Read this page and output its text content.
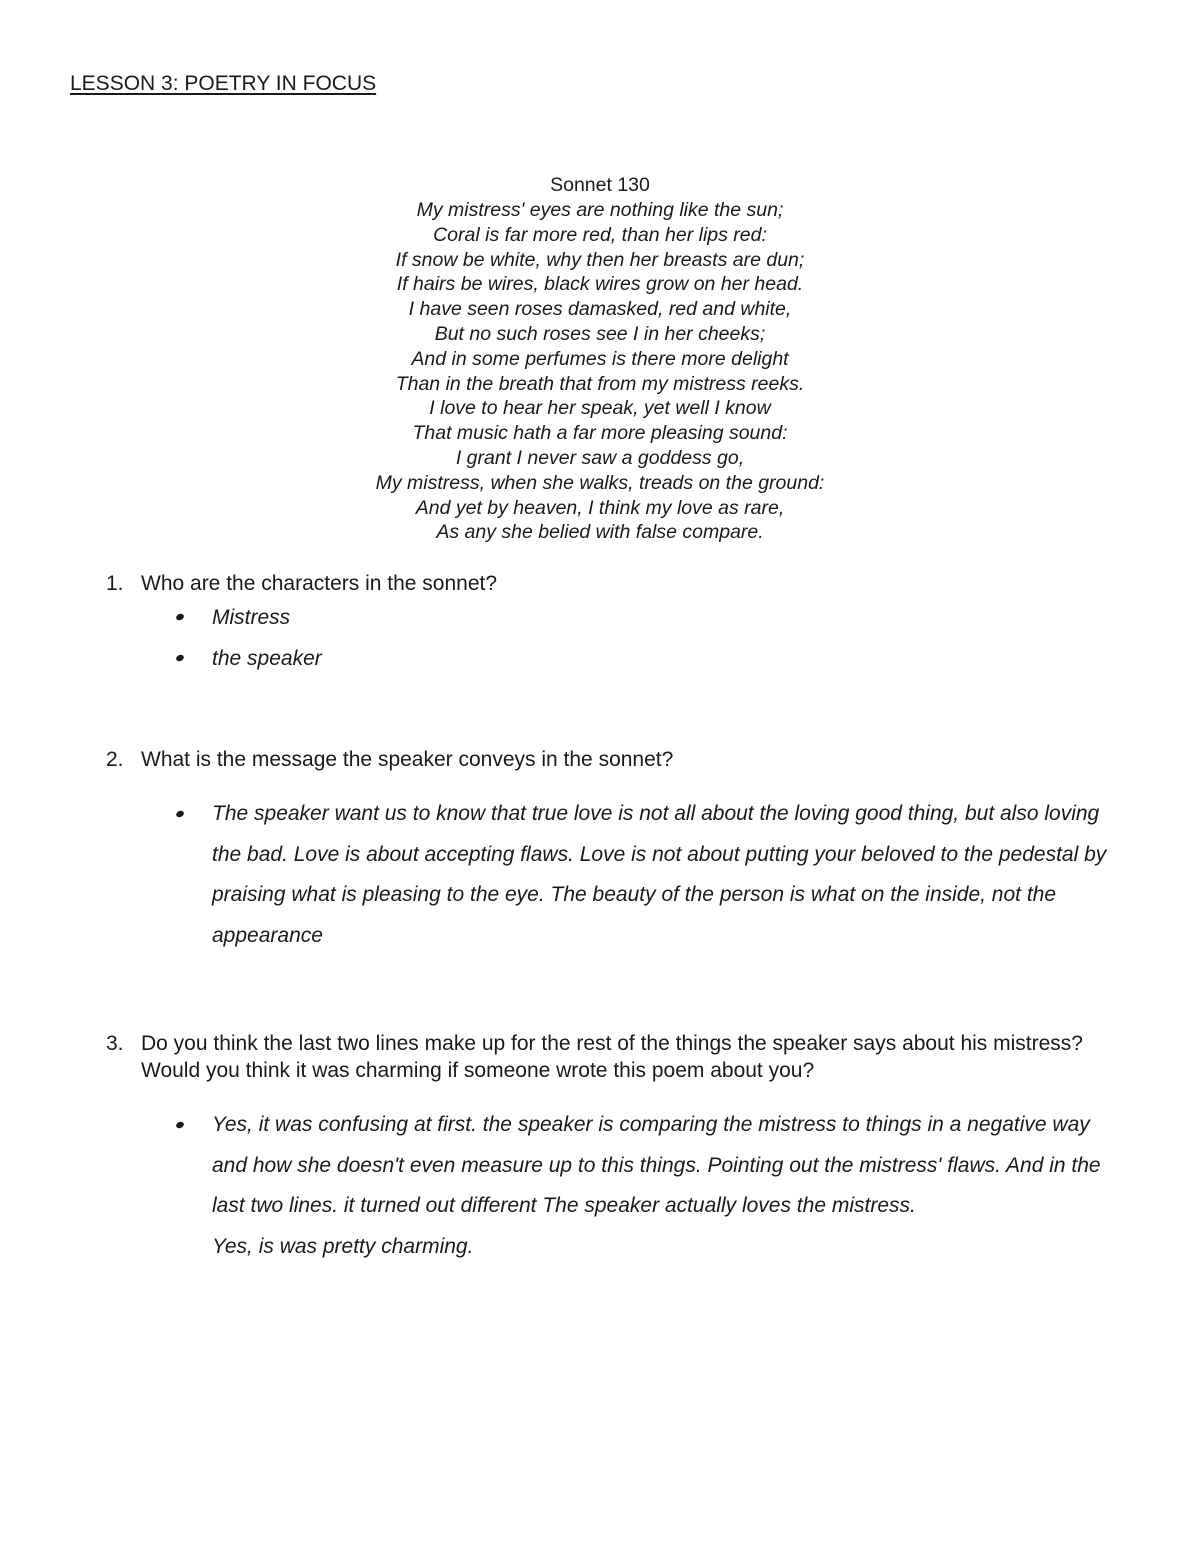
LESSON 3: POETRY IN FOCUS
Sonnet 130
My mistress' eyes are nothing like the sun;
Coral is far more red, than her lips red:
If snow be white, why then her breasts are dun;
If hairs be wires, black wires grow on her head.
I have seen roses damasked, red and white,
But no such roses see I in her cheeks;
And in some perfumes is there more delight
Than in the breath that from my mistress reeks.
I love to hear her speak, yet well I know
That music hath a far more pleasing sound:
I grant I never saw a goddess go,
My mistress, when she walks, treads on the ground:
And yet by heaven, I think my love as rare,
As any she belied with false compare.
1. Who are the characters in the sonnet?
Mistress
the speaker
2. What is the message the speaker conveys in the sonnet?
The speaker want us to know that true love is not all about the loving good thing, but also loving the bad. Love is about accepting flaws. Love is not about putting your beloved to the pedestal by praising what is pleasing to the eye. The beauty of the person is what on the inside, not the appearance
3. Do you think the last two lines make up for the rest of the things the speaker says about his mistress? Would you think it was charming if someone wrote this poem about you?
Yes, it was confusing at first. the speaker is comparing the mistress to things in a negative way and how she doesn't even measure up to this things. Pointing out the mistress' flaws. And in the last two lines. it turned out different The speaker actually loves the mistress.
Yes, is was pretty charming.
